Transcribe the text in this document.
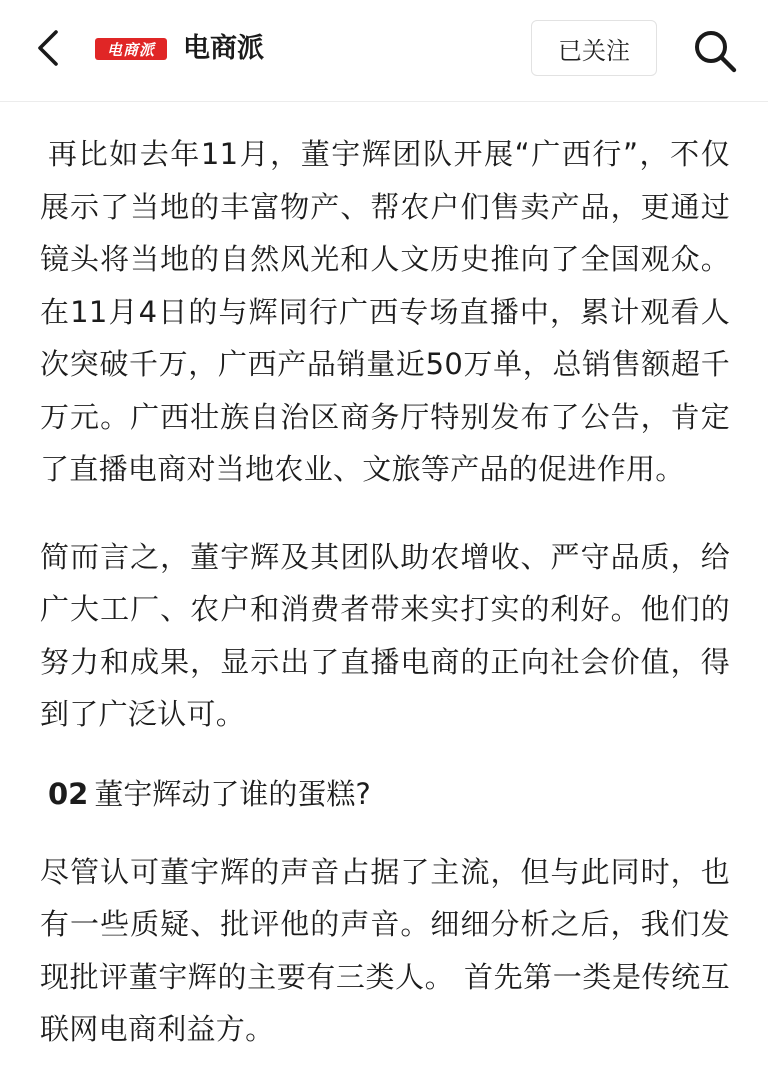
电商派	电商派	已关注

再比如去年11月，董宇辉团队开展“广西行”，不仅展示了当地的丰富物产、帮农户们售卖产品，更通过镜头将当地的自然风光和人文历史推向了全国观众。在11月4日的与辉同行广西专场直播中，累计观看人次突破千万，广西产品销量近50万单，总销售额超千万元。广西壮族自治区商务厅特别发布了公告，肯定了直播电商对当地农业、文旅等产品的促进作用。

简而言之，董宇辉及其团队助农增收、严守品质，给广大工厂、农户和消费者带来实打实的利好。他们的努力和成果，显示出了直播电商的正向社会价值，得到了广泛认可。

02 董宇辉动了谁的蛋糕?

尽管认可董宇辉的声音占据了主流，但与此同时，也有一些质疑、批评他的声音。细细分析之后，我们发现批评董宇辉的主要有三类人。 首先第一类是传统互联网电商利益方。
